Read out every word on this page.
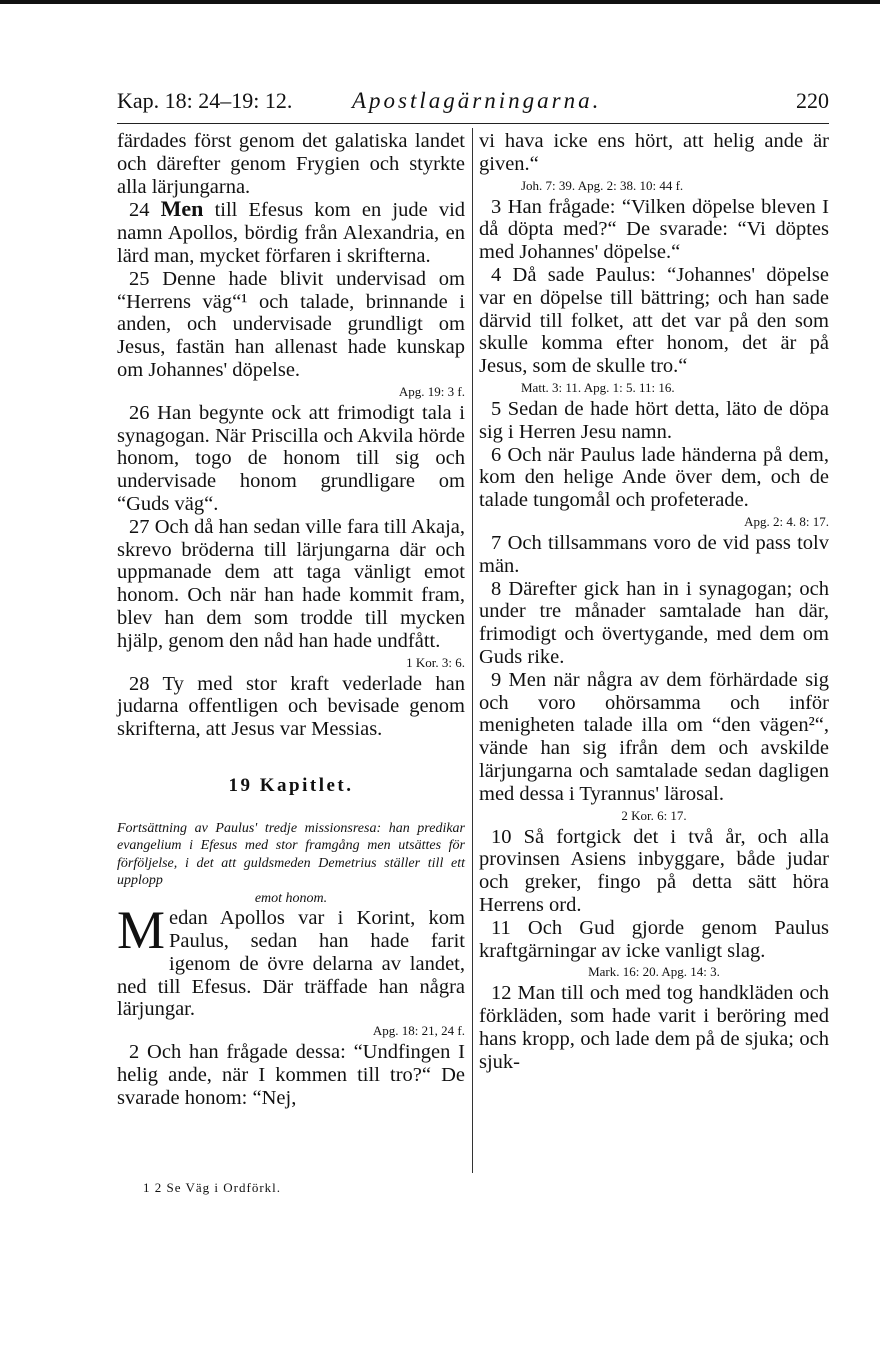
Kap. 18: 24–19: 12.	Apostlagärningarna.	220

färdades först genom det galatiska landet och därefter genom Frygien och styrkte alla lärjungarna.

24 Men till Efesus kom en jude vid namn Apollos, bördig från Alexandria, en lärd man, mycket förfaren i skrifterna.

25 Denne hade blivit undervisad om “Herrens väg“¹ och talade, brinnande i anden, och undervisade grundligt om Jesus, fastän han allenast hade kunskap om Johannes' döpelse.

Apg. 19: 3 f.

26 Han begynte ock att frimodigt tala i synagogan. När Priscilla och Akvila hörde honom, togo de honom till sig och undervisade honom grundligare om “Guds väg“.

27 Och då han sedan ville fara till Akaja, skrevo bröderna till lärjungarna där och uppmanade dem att taga vänligt emot honom. Och när han hade kommit fram, blev han dem som trodde till mycken hjälp, genom den nåd han hade undfått.

1 Kor. 3: 6.

28 Ty med stor kraft vederlade han judarna offentligen och bevisade genom skrifterna, att Jesus var Messias.

19 Kapitlet.
Fortsättning av Paulus' tredje missionsresa: han predikar evangelium i Efesus med stor framgång men utsättes för förföljelse, i det att guldsmeden Demetrius ställer till ett upplopp
emot honom.

Medan Apollos var i Korint, kom Paulus, sedan han hade farit igenom de övre delarna av landet, ned till Efesus. Där träffade han några lärjungar.

Apg. 18: 21, 24 f.

2 Och han frågade dessa: “Undfingen I helig ande, när I kommen till tro?“ De svarade honom: “Nej,

vi hava icke ens hört, att helig ande är given.“

Joh. 7: 39. Apg. 2: 38. 10: 44 f.

3 Han frågade: “Vilken döpelse bleven I då döpta med?“ De svarade: “Vi döptes med Johannes' döpelse.“

4 Då sade Paulus: “Johannes' döpelse var en döpelse till bättring; och han sade därvid till folket, att det var på den som skulle komma efter honom, det är på Jesus, som de skulle tro.“

Matt. 3: 11. Apg. 1: 5. 11: 16.

5 Sedan de hade hört detta, läto de döpa sig i Herren Jesu namn.

6 Och när Paulus lade händerna på dem, kom den helige Ande över dem, och de talade tungomål och profeterade.

Apg. 2: 4. 8: 17.

7 Och tillsammans voro de vid pass tolv män.

8 Därefter gick han in i synagogan; och under tre månader samtalade han där, frimodigt och övertygande, med dem om Guds rike.

9 Men när några av dem förhärdade sig och voro ohörsamma och inför menigheten talade illa om “den vägen²“, vände han sig ifrån dem och avskilde lärjungarna och samtalade sedan dagligen med dessa i Tyrannus' lärosal.

2 Kor. 6: 17.

10 Så fortgick det i två år, och alla provinsen Asiens inbyggare, både judar och greker, fingo på detta sätt höra Herrens ord.

11 Och Gud gjorde genom Paulus kraftgärningar av icke vanligt slag.

Mark. 16: 20. Apg. 14: 3.

12 Man till och med tog handkläden och förkläden, som hade varit i beröring med hans kropp, och lade dem på de sjuka; och sjuk-

1 2 Se Väg i Ordförkl.
